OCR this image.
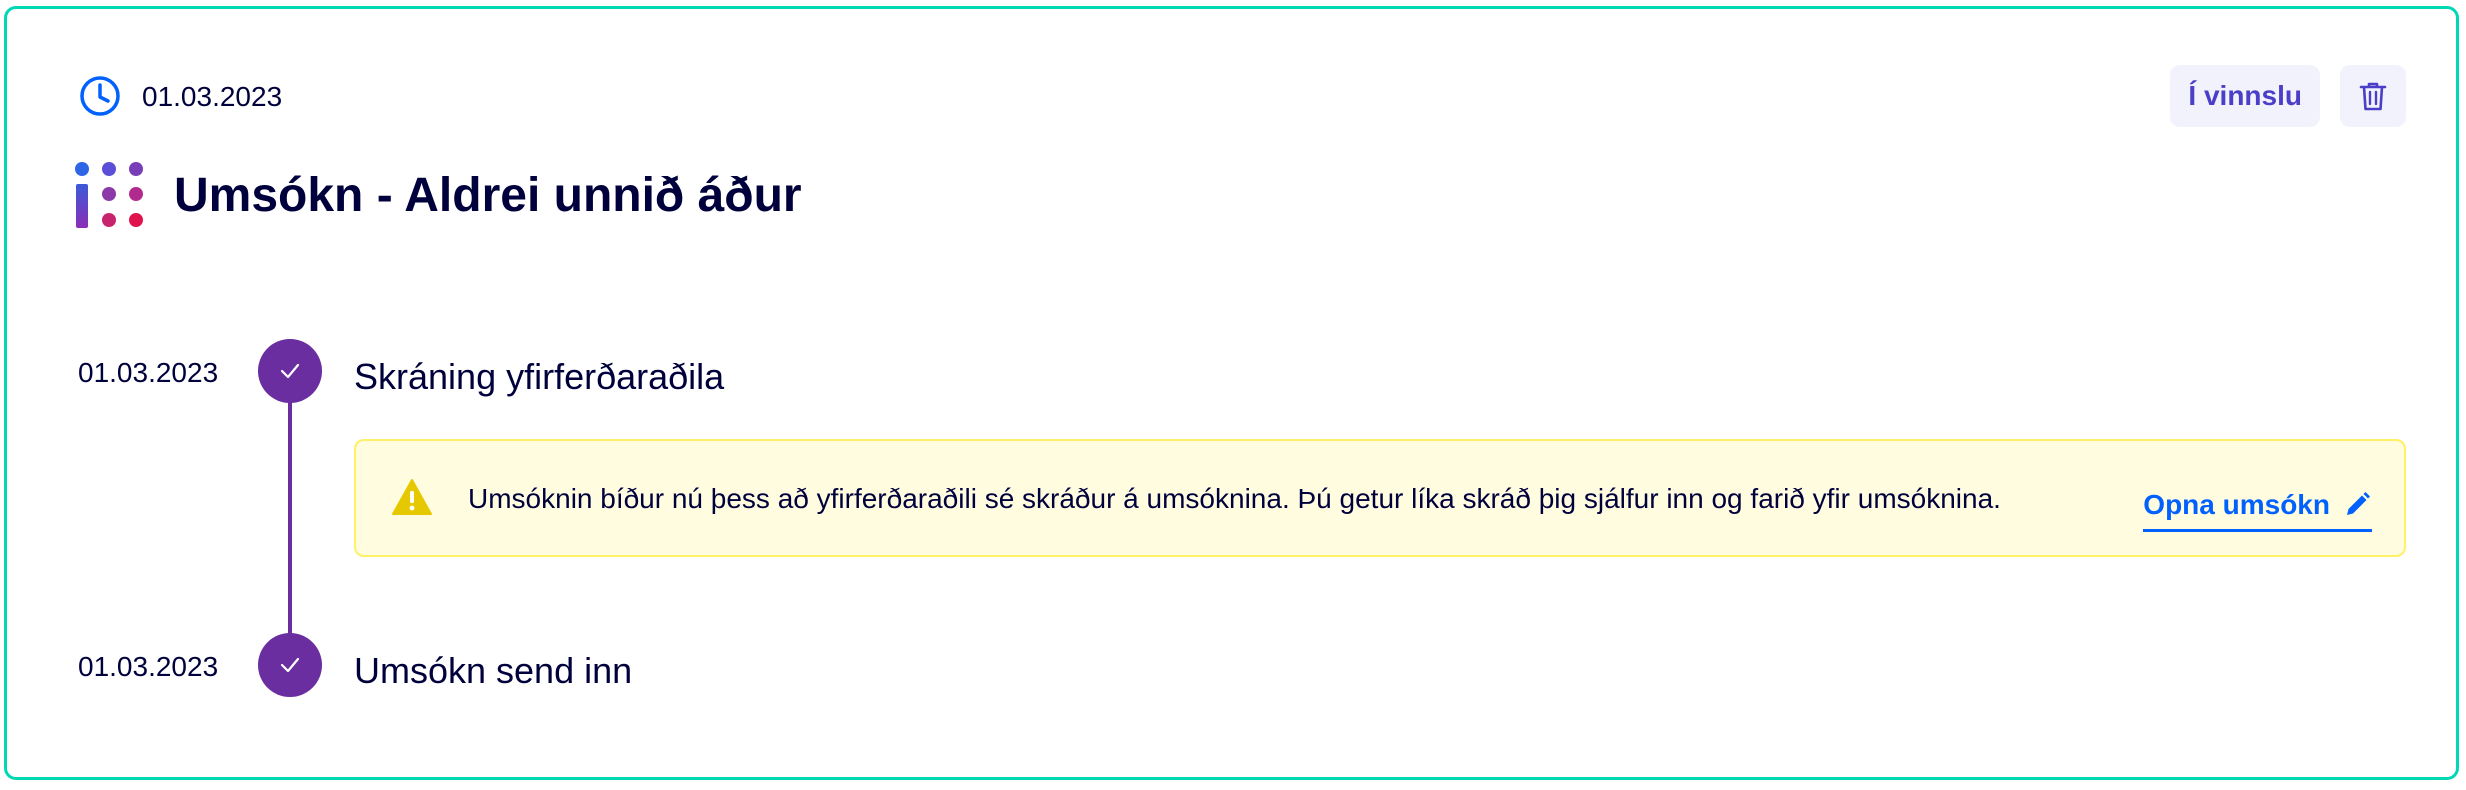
01.03.2023	Í vinnslu
Umsókn - Aldrei unnið áður
01.03.2023	Skráning yfirferðaraðila
Umsóknin bíður nú þess að yfirferðaraðili sé skráður á umsóknina. Þú getur líka skráð þig sjálfur inn og farið yfir umsóknina.	Opna umsókn
01.03.2023	Umsókn send inn
